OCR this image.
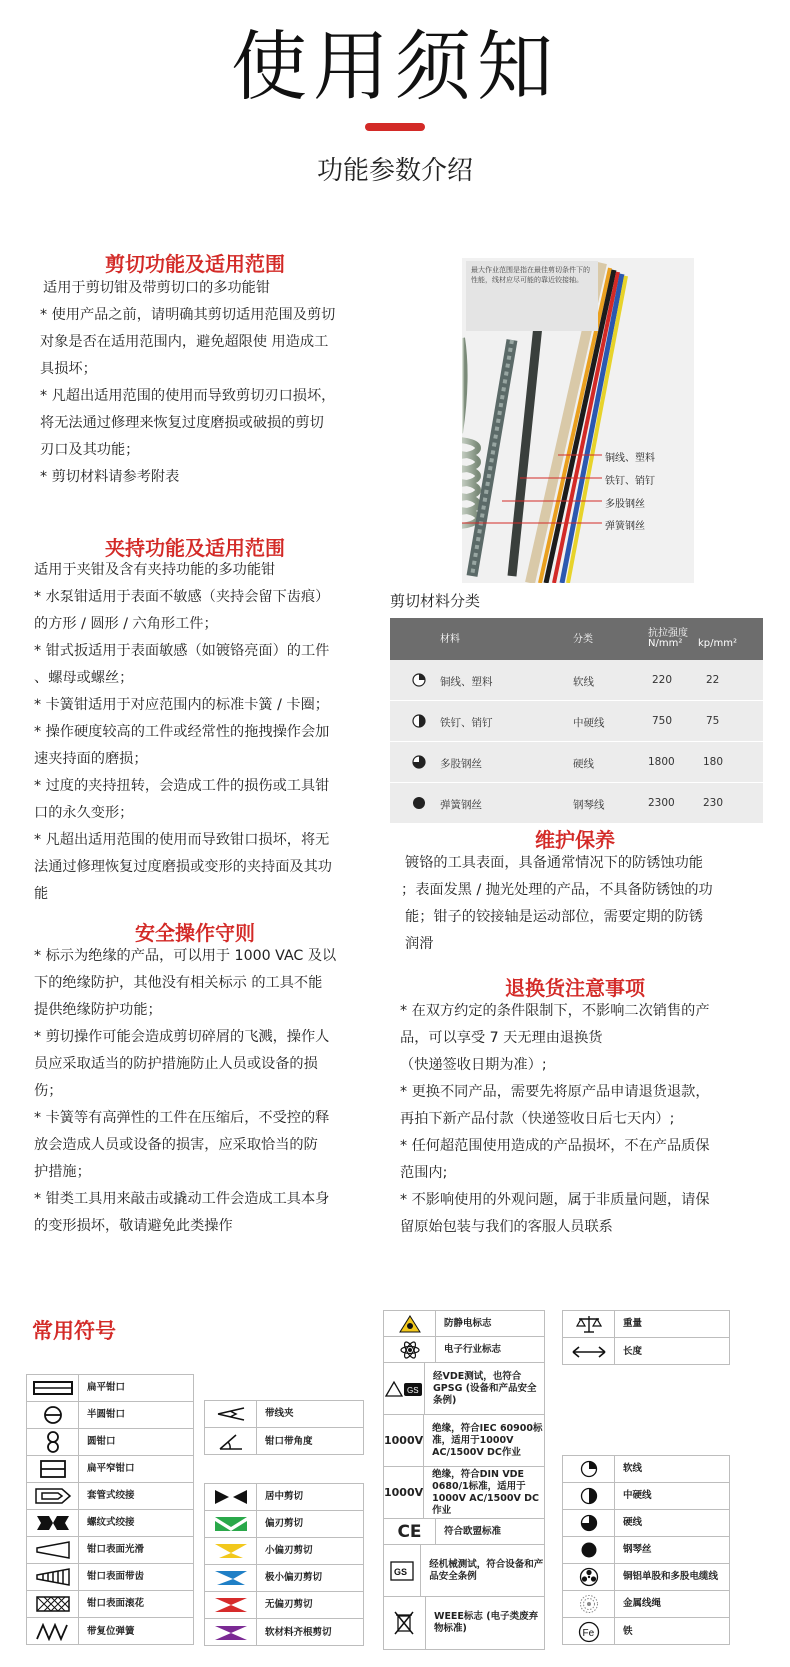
使用须知
功能参数介绍
剪切功能及适用范围

适用于剪切钳及带剪切口的多功能钳

* 使用产品之前，请明确其剪切适用范围及剪切

对象是否在适用范围内，避免超限使 用造成工

具损坏；

* 凡超出适用范围的使用而导致剪切刃口损坏，

将无法通过修理来恢复过度磨损或破损的剪切

刃口及其功能；

* 剪切材料请参考附表

夹持功能及适用范围

适用于夹钳及含有夹持功能的多功能钳

* 水泵钳适用于表面不敏感（夹持会留下齿痕）

的方形 / 圆形 / 六角形工件；

* 钳式扳适用于表面敏感（如镀铬亮面）的工件

、螺母或螺丝；

* 卡簧钳适用于对应范围内的标准卡簧 / 卡圈；

* 操作硬度较高的工件或经常性的拖拽操作会加

速夹持面的磨损；

* 过度的夹持扭转，会造成工件的损伤或工具钳

口的永久变形；

* 凡超出适用范围的使用而导致钳口损坏，将无

法通过修理恢复过度磨损或变形的夹持面及其功

能

安全操作守则

* 标示为绝缘的产品，可以用于 1000 VAC 及以

下的绝缘防护，其他没有相关标示 的工具不能

提供绝缘防护功能；

* 剪切操作可能会造成剪切碎屑的飞溅，操作人

员应采取适当的防护措施防止人员或设备的损

伤；

* 卡簧等有高弹性的工件在压缩后，不受控的释

放会造成人员或设备的损害，应采取恰当的防

护措施；

* 钳类工具用来敲击或撬动工件会造成工具本身

的变形损坏，敬请避免此类操作

最大作业范围是指在最佳剪切条件下的性能，线材应尽可能的靠近铰接轴。
铜线、塑料
铁钉、销钉
多股钢丝
弹簧钢丝
剪切材料分类
材料	分类
抗拉强度
N/mm² kp/mm²
铜线、塑料	软线	220	22
铁钉、销钉	中硬线	750	75
多股钢丝	硬线	1800	180
弹簧钢丝	钢琴线	2300	230
维护保养

镀铬的工具表面，具备通常情况下的防锈蚀功能

；表面发黑 / 抛光处理的产品，不具备防锈蚀的功

能；钳子的铰接轴是运动部位，需要定期的防锈

润滑

退换货注意事项

* 在双方约定的条件限制下，不影响二次销售的产

品，可以享受 7 天无理由退换货

（快递签收日期为准）;

* 更换不同产品，需要先将原产品申请退货退款，

再拍下新产品付款（快递签收日后七天内）;

* 任何超范围使用造成的产品损坏，不在产品质保

范围内;

* 不影响使用的外观问题，属于非质量问题，请保

留原始包装与我们的客服人员联系

常用符号
扁平钳口
半圆钳口
圆钳口
扁平窄钳口
套管式绞接
螺纹式绞接
钳口表面光滑
钳口表面带齿
钳口表面滚花
带复位弹簧
带线夹
钳口带角度
居中剪切
偏刃剪切
小偏刃剪切
极小偏刃剪切
无偏刃剪切
软材料齐根剪切
防静电标志
电子行业标志
GS
经VDE测试，也符合GPSG (设备和产品安全条例)
1000V
绝缘，符合IEC 60900标准，适用于1000V AC/1500V DC作业
1000V
绝缘，符合DIN VDE 0680/1标准，适用于1000V AC/1500V DC作业
CE	符合欧盟标准
GS
经机械测试，符合设备和产品安全条例
WEEE标志 (电子类废弃物标准)
重量
长度
软线
中硬线
硬线
钢琴丝
铜铝单股和多股电缆线
金属线绳
Fe	铁
